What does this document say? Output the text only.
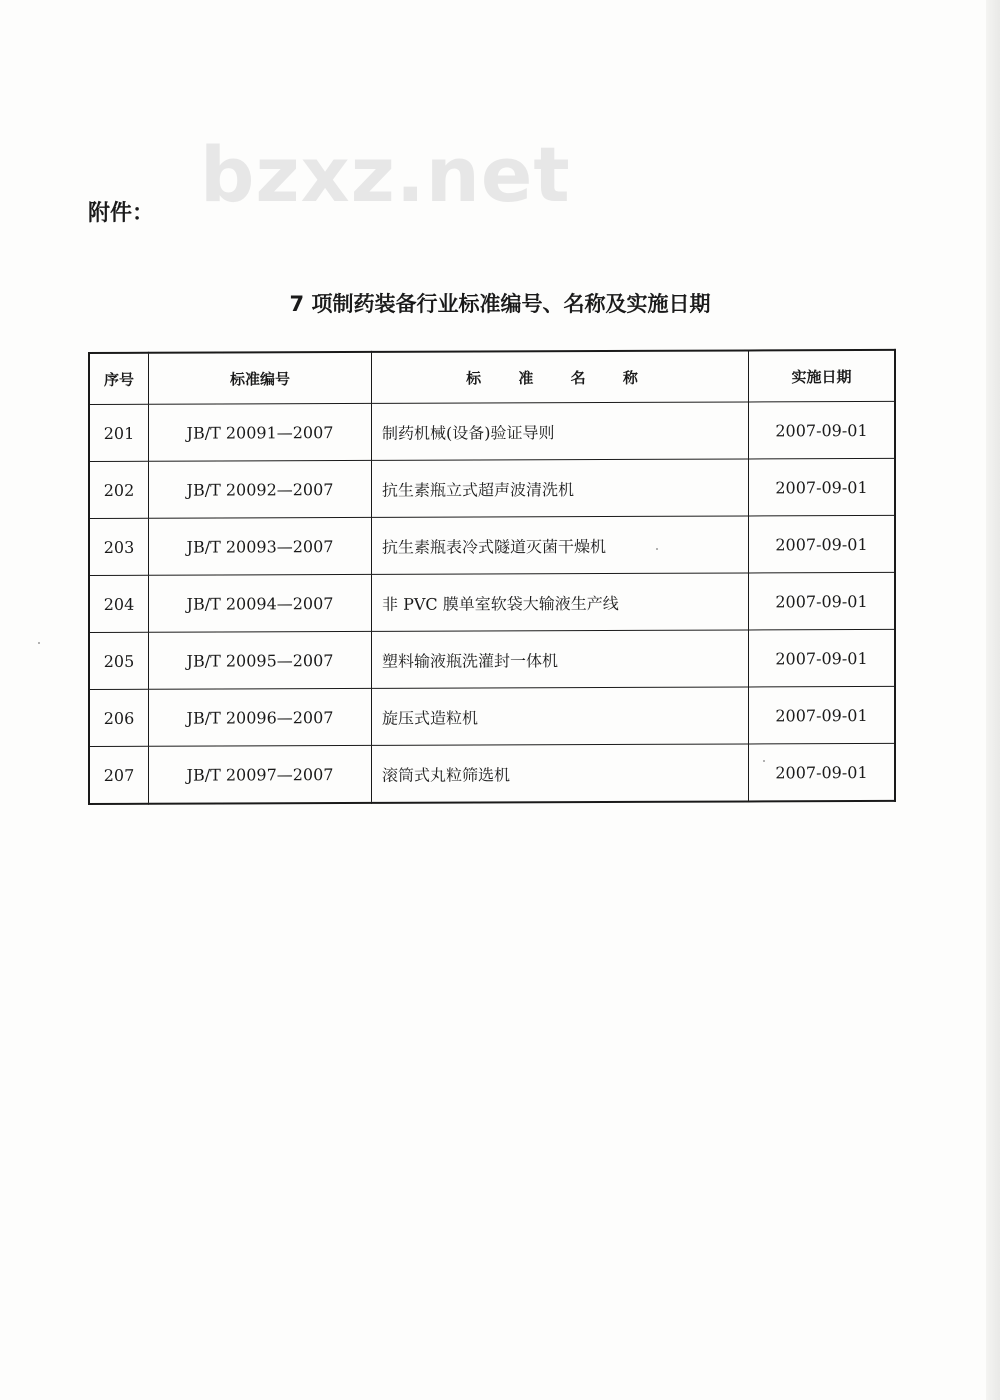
bzxz.net
附件：
7 项制药装备行业标准编号、名称及实施日期
序号	标准编号	标 准 名 称	实施日期
201	JB/T 20091—2007	制药机械(设备)验证导则	2007-09-01
202	JB/T 20092—2007	抗生素瓶立式超声波清洗机	2007-09-01
203	JB/T 20093—2007	抗生素瓶表冷式隧道灭菌干燥机	2007-09-01
204	JB/T 20094—2007	非 PVC 膜单室软袋大输液生产线	2007-09-01
205	JB/T 20095—2007	塑料输液瓶洗灌封一体机	2007-09-01
206	JB/T 20096—2007	旋压式造粒机	2007-09-01
207	JB/T 20097—2007	滚筒式丸粒筛选机	2007-09-01
